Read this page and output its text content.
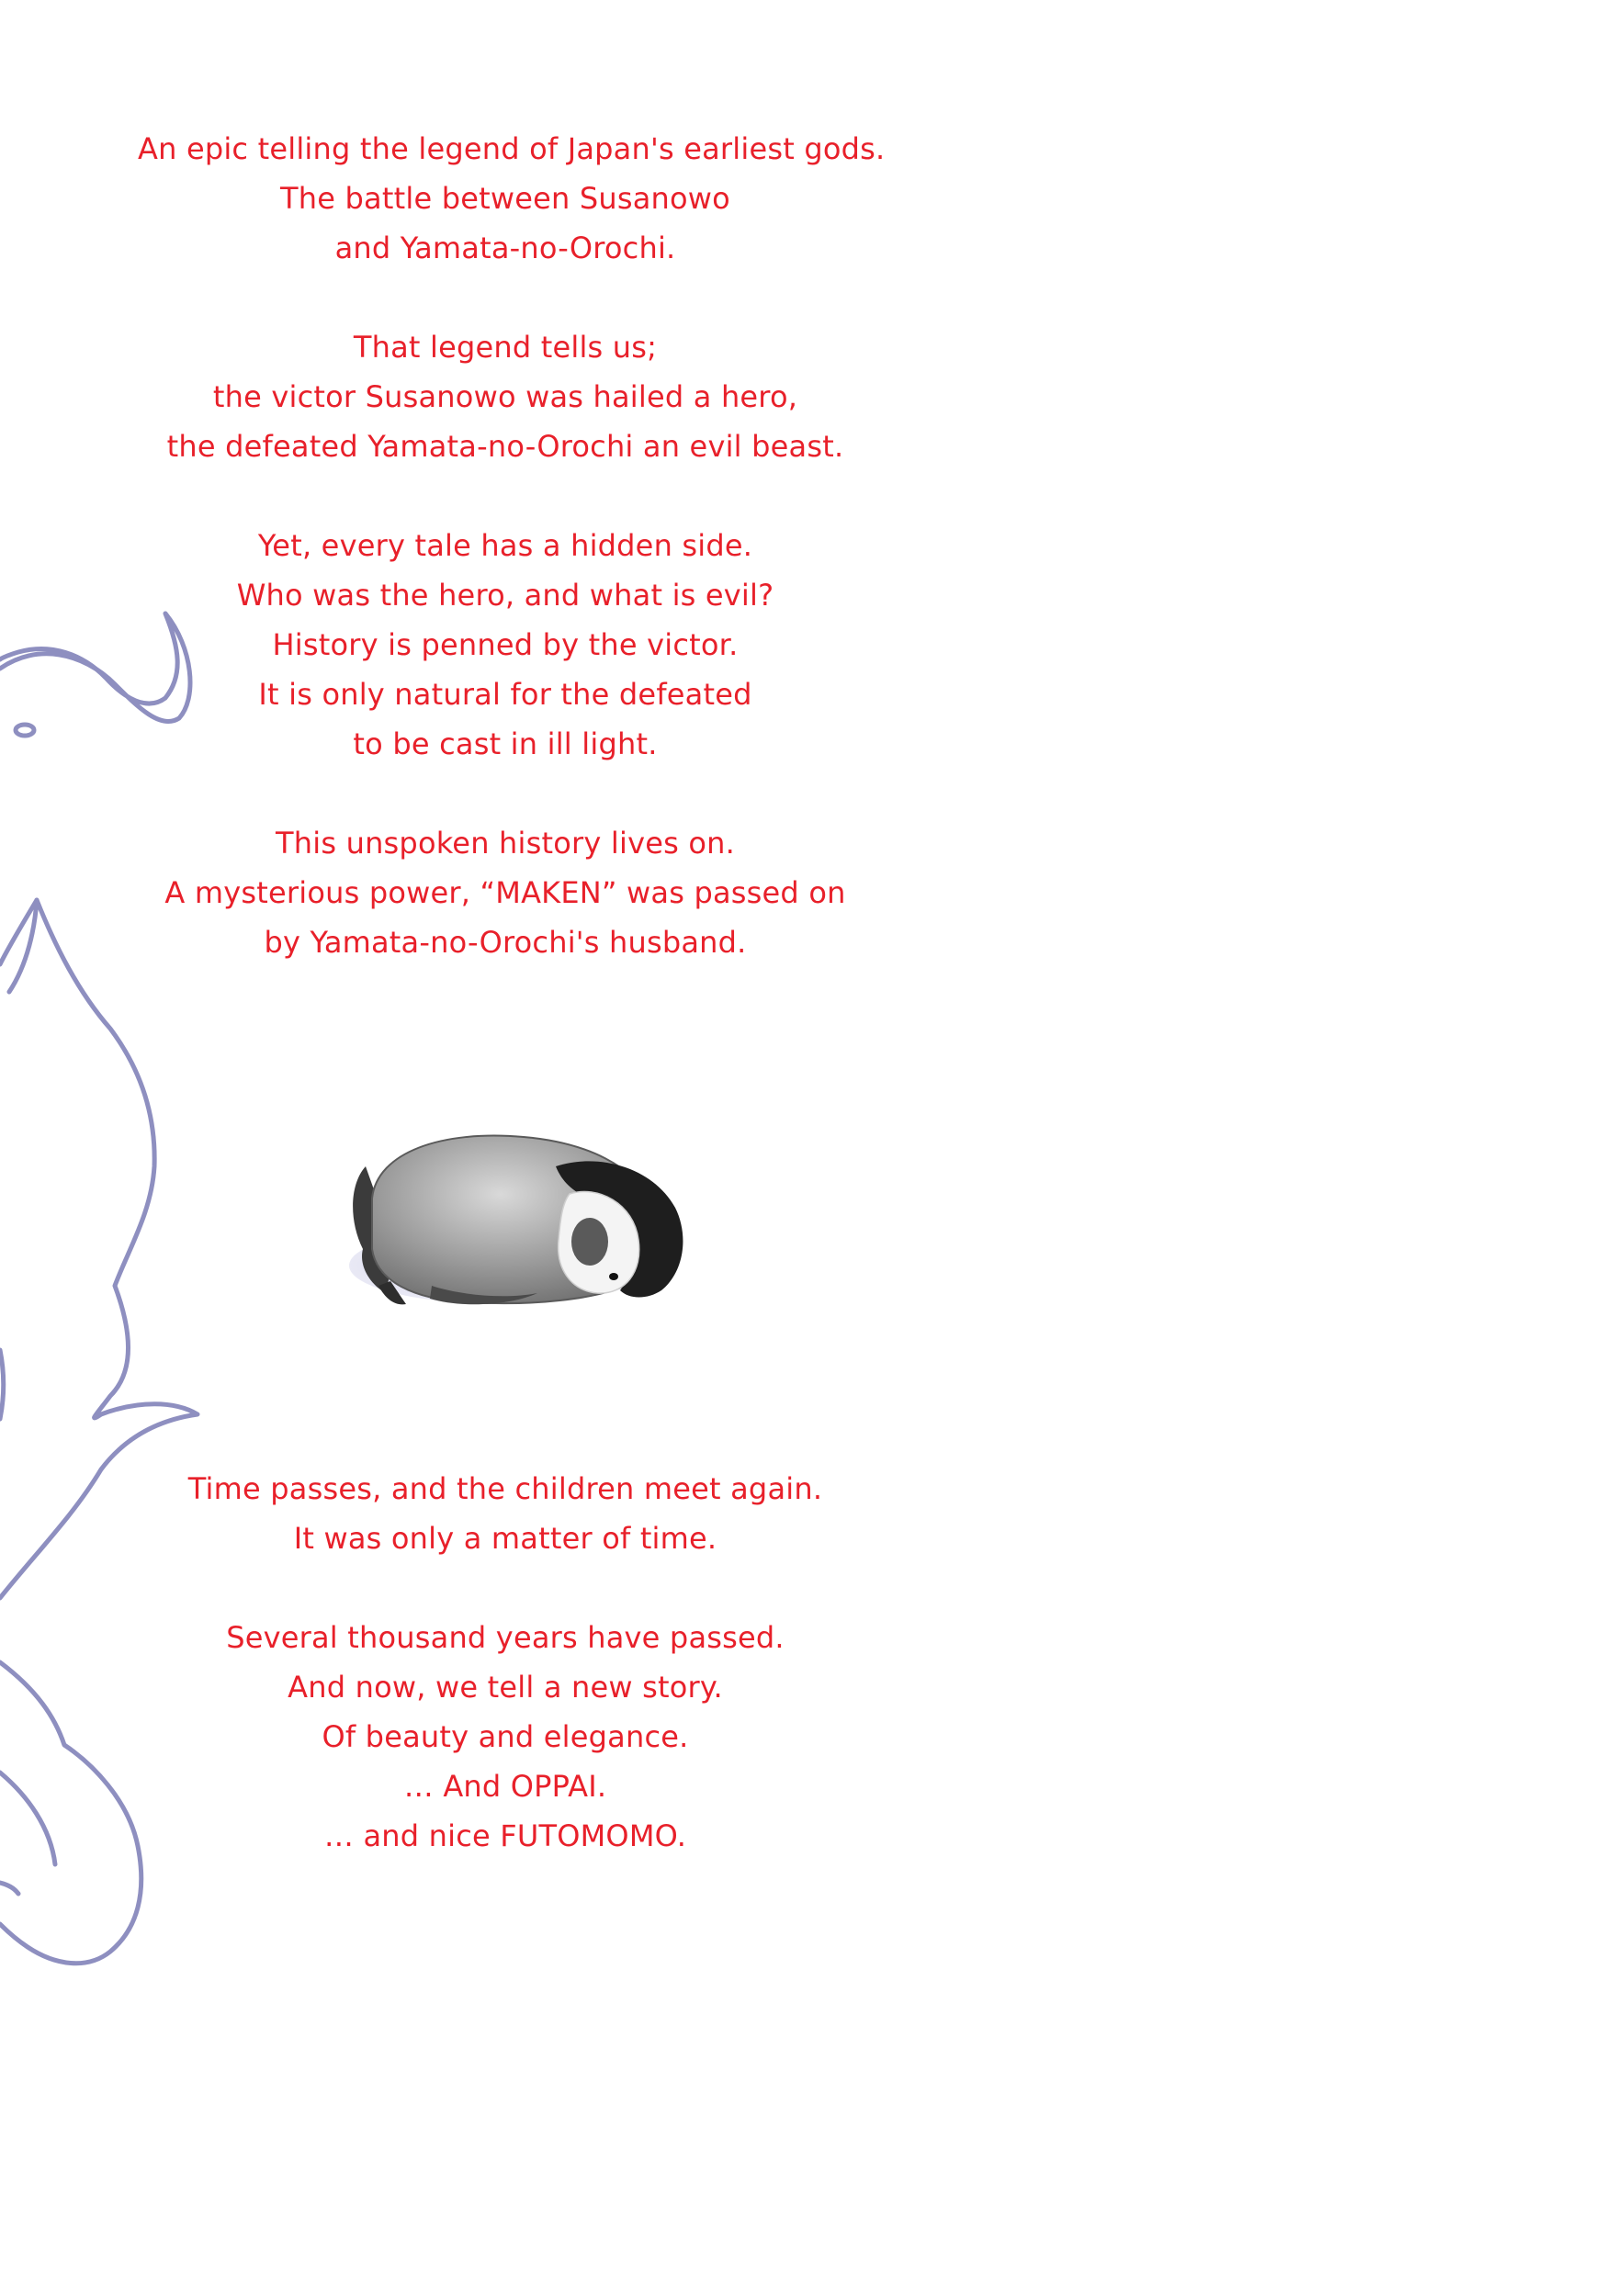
An epic telling the legend of Japan's earliest gods.
The battle between Susanowo
and Yamata-no-Orochi.
That legend tells us;
the victor Susanowo was hailed a hero,
the defeated Yamata-no-Orochi an evil beast.
Yet, every tale has a hidden side.
Who was the hero, and what is evil?
History is penned by the victor.
It is only natural for the defeated
to be cast in ill light.
This unspoken history lives on.
A mysterious power, “MAKEN” was passed on
by Yamata-no-Orochi's husband.
Time passes, and the children meet again.
It was only a matter of time.
Several thousand years have passed.
And now, we tell a new story.
Of beauty and elegance.
… And OPPAI.
… and nice FUTOMOMO.
